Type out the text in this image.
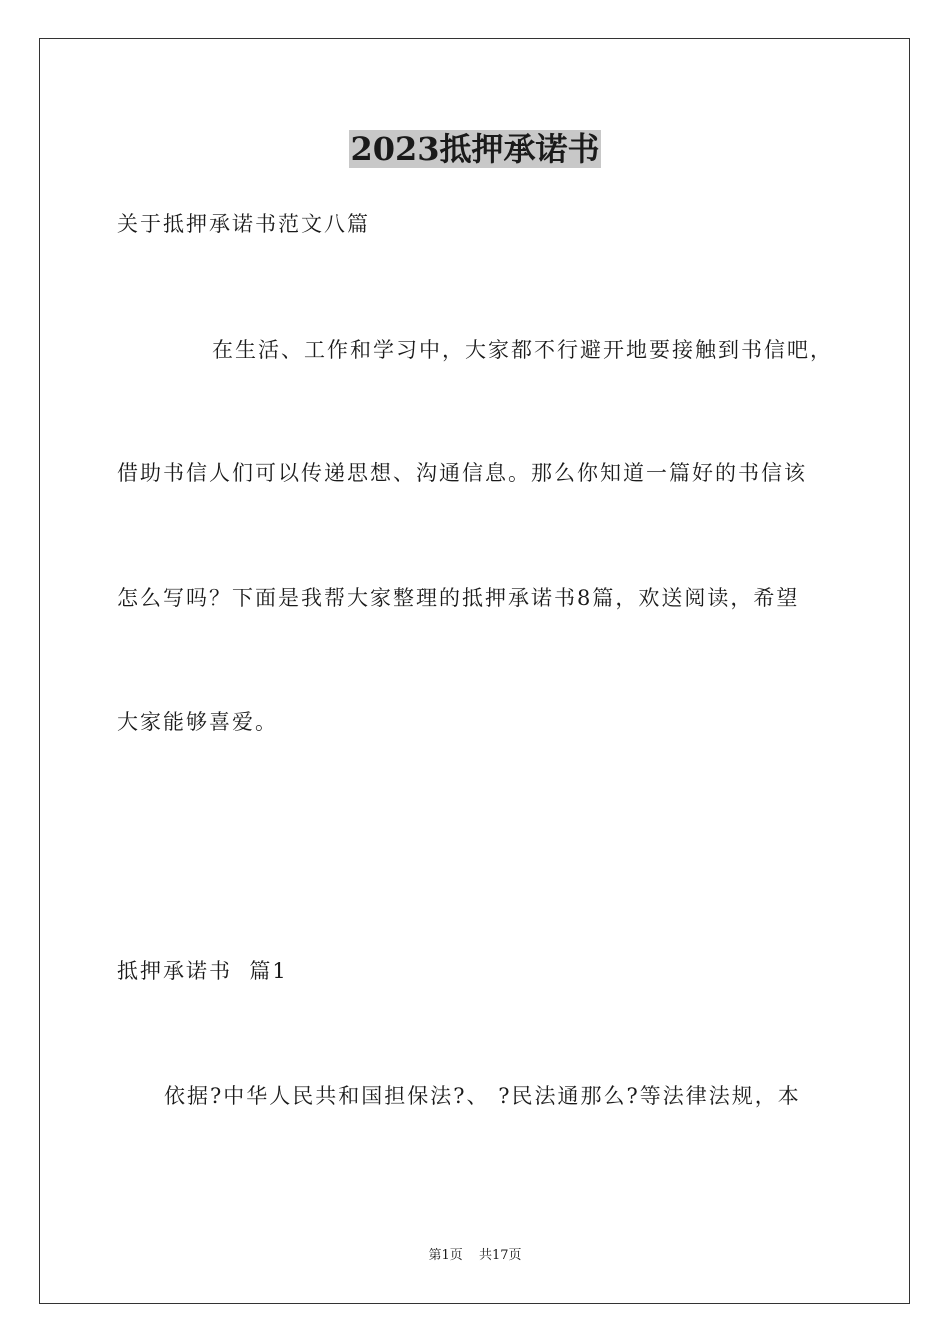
2023抵押承诺书
关于抵押承诺书范文八篇
在生活、工作和学习中，大家都不行避开地要接触到书信吧，
借助书信人们可以传递思想、沟通信息。那么你知道一篇好的书信该
怎么写吗？下面是我帮大家整理的抵押承诺书8篇，欢送阅读，希望
大家能够喜爱。
抵押承诺书  篇1
依据?中华人民共和国担保法?、 ?民法通那么?等法律法规，本
第1页 共17页
